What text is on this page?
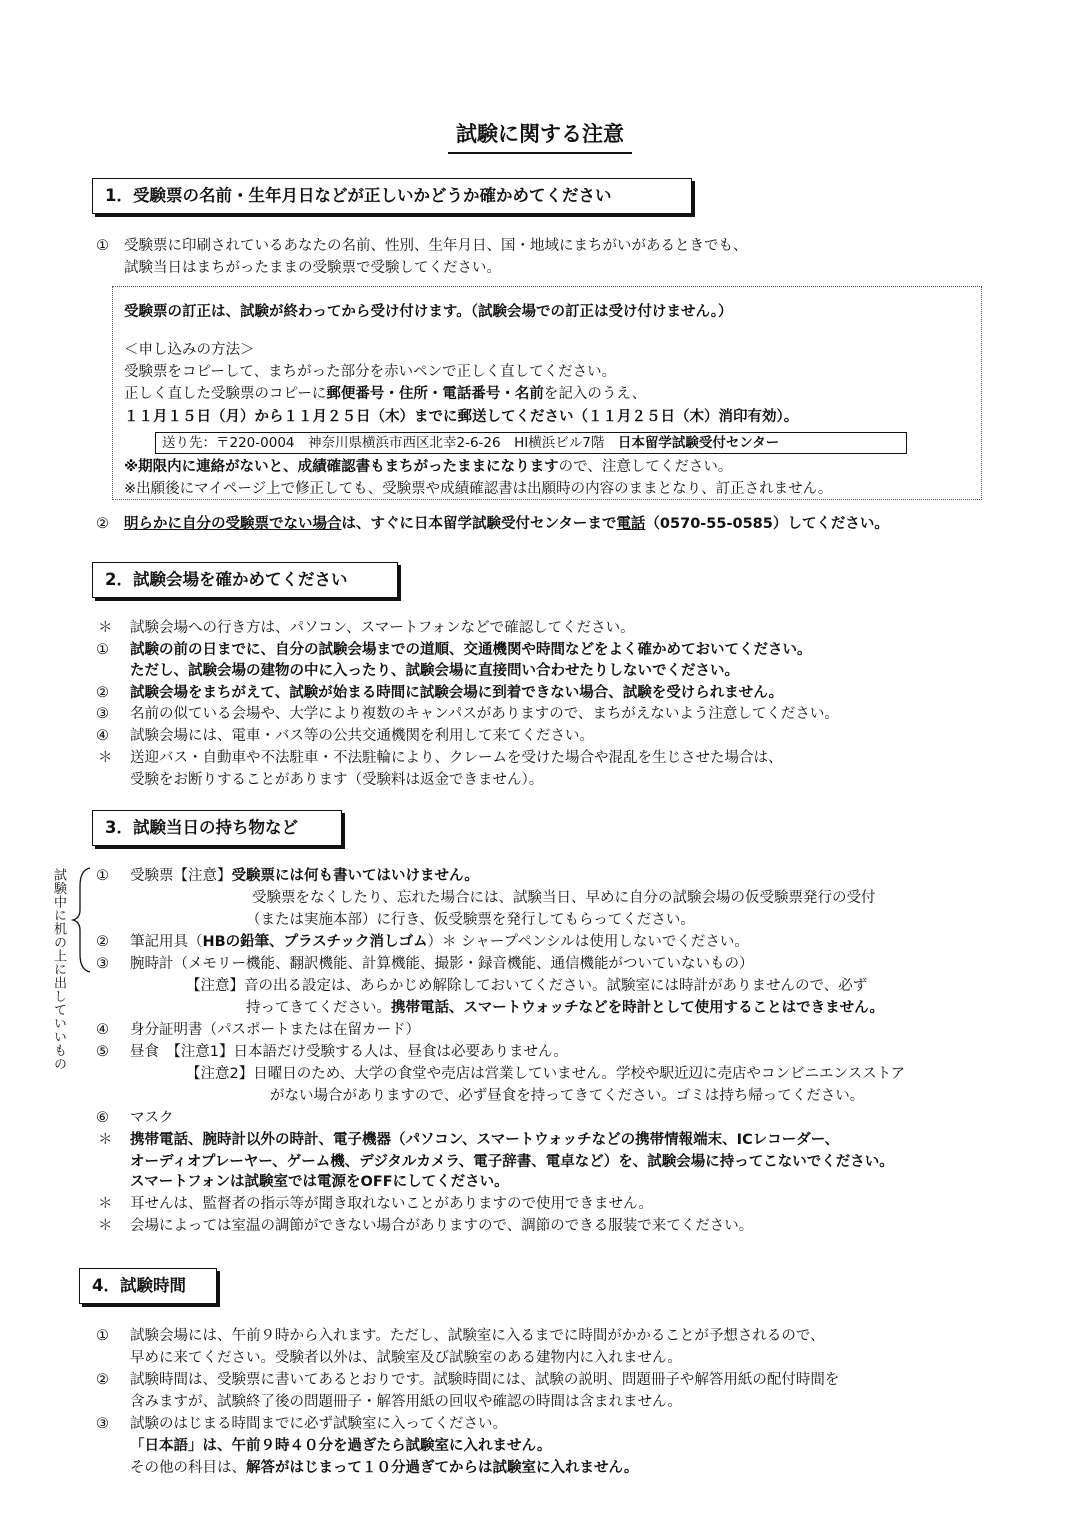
試験に関する注意
1．受験票の名前・生年月日などが正しいかどうか確かめてください
① 受験票に印刷されているあなたの名前、性別、生年月日、国・地域にまちがいがあるときでも、
試験当日はまちがったままの受験票で受験してください。
受験票の訂正は、試験が終わってから受け付けます。（試験会場での訂正は受け付けません。）
＜申し込みの方法＞
受験票をコピーして、まちがった部分を赤いペンで正しく直してください。
正しく直した受験票のコピーに郵便番号・住所・電話番号・名前を記入のうえ、
１１月１５日（月）から１１月２５日（木）までに郵送してください（１１月２５日（木）消印有効）。
送り先：〒220-0004　神奈川県横浜市西区北幸2-6-26　HI横浜ビル7階　日本留学試験受付センター
※期限内に連絡がないと、成績確認書もまちがったままになりますので、注意してください。
※出願後にマイページ上で修正しても、受験票や成績確認書は出願時の内容のままとなり、訂正されません。
② 明らかに自分の受験票でない場合は、すぐに日本留学試験受付センターまで電話（0570-55-0585）してください。
2．試験会場を確かめてください
＊ 試験会場への行き方は、パソコン、スマートフォンなどで確認してください。
① 試験の前の日までに、自分の試験会場までの道順、交通機関や時間などをよく確かめておいてください。
ただし、試験会場の建物の中に入ったり、試験会場に直接問い合わせたりしないでください。
② 試験会場をまちがえて、試験が始まる時間に試験会場に到着できない場合、試験を受けられません。
③ 名前の似ている会場や、大学により複数のキャンパスがありますので、まちがえないよう注意してください。
④ 試験会場には、電車・バス等の公共交通機関を利用して来てください。
＊ 送迎バス・自動車や不法駐車・不法駐輪により、クレームを受けた場合や混乱を生じさせた場合は、
受験をお断りすることがあります（受験料は返金できません）。
3．試験当日の持ち物など
試験中に机の上に出していいもの ① 受験票【注意】受験票には何も書いてはいけません。
受験票をなくしたり、忘れた場合には、試験当日、早めに自分の試験会場の仮受験票発行の受付
（または実施本部）に行き、仮受験票を発行してもらってください。
② 筆記用具（HBの鉛筆、プラスチック消しゴム）＊ シャープペンシルは使用しないでください。
③ 腕時計（メモリー機能、翻訳機能、計算機能、撮影・録音機能、通信機能がついていないもの）
【注意】音の出る設定は、あらかじめ解除しておいてください。試験室には時計がありませんので、必ず
持ってきてください。携帯電話、スマートウォッチなどを時計として使用することはできません。
④ 身分証明書（パスポートまたは在留カード）
⑤ 昼食　【注意1】日本語だけ受験する人は、昼食は必要ありません。
【注意2】日曜日のため、大学の食堂や売店は営業していません。学校や駅近辺に売店やコンビニエンスストア
がない場合がありますので、必ず昼食を持ってきてください。ゴミは持ち帰ってください。
⑥ マスク
＊ 携帯電話、腕時計以外の時計、電子機器（パソコン、スマートウォッチなどの携帯情報端末、ICレコーダー、
オーディオプレーヤー、ゲーム機、デジタルカメラ、電子辞書、電卓など）を、試験会場に持ってこないでください。
スマートフォンは試験室では電源をOFFにしてください。
＊ 耳せんは、監督者の指示等が聞き取れないことがありますので使用できません。
＊ 会場によっては室温の調節ができない場合がありますので、調節のできる服装で来てください。
4．試験時間
① 試験会場には、午前９時から入れます。ただし、試験室に入るまでに時間がかかることが予想されるので、
早めに来てください。受験者以外は、試験室及び試験室のある建物内に入れません。
② 試験時間は、受験票に書いてあるとおりです。試験時間には、試験の説明、問題冊子や解答用紙の配付時間を
含みますが、試験終了後の問題冊子・解答用紙の回収や確認の時間は含まれません。
③ 試験のはじまる時間までに必ず試験室に入ってください。
「日本語」は、午前９時４０分を過ぎたら試験室に入れません。
その他の科目は、解答がはじまって１０分過ぎてからは試験室に入れません。
